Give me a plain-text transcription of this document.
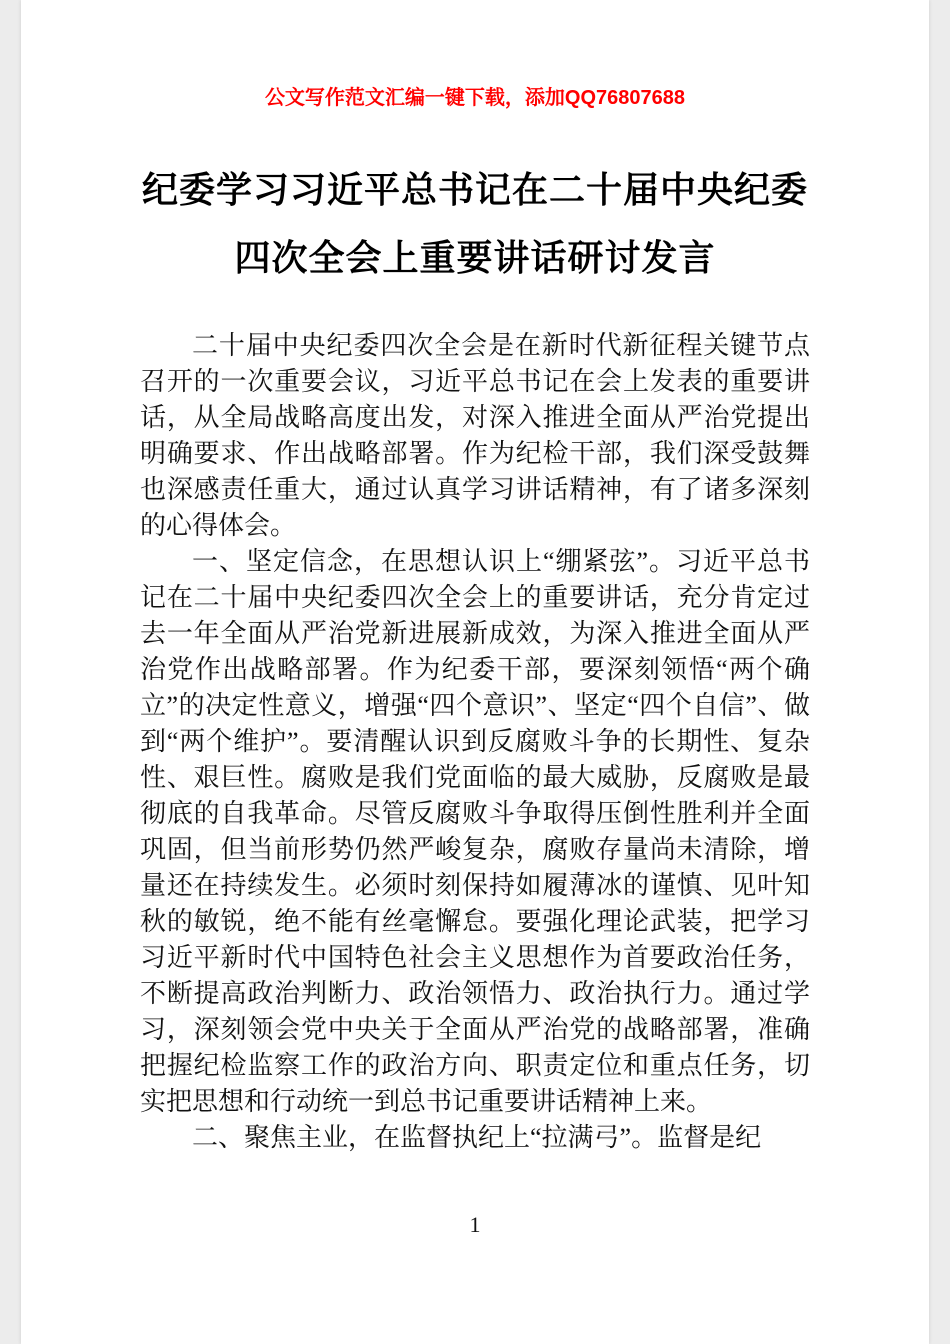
公文写作范文汇编一键下载，添加QQ76807688
纪委学习习近平总书记在二十届中央纪委
四次全会上重要讲话研讨发言

二十届中央纪委四次全会是在新时代新征程关键节点召开的一次重要会议，习近平总书记在会上发表的重要讲话，从全局战略高度出发，对深入推进全面从严治党提出明确要求、作出战略部署。作为纪检干部，我们深受鼓舞也深感责任重大，通过认真学习讲话精神，有了诸多深刻的心得体会。

一、坚定信念，在思想认识上“绷紧弦”。习近平总书记在二十届中央纪委四次全会上的重要讲话，充分肯定过去一年全面从严治党新进展新成效，为深入推进全面从严治党作出战略部署。作为纪委干部，要深刻领悟“两个确立”的决定性意义，增强“四个意识”、坚定“四个自信”、做到“两个维护”。要清醒认识到反腐败斗争的长期性、复杂性、艰巨性。腐败是我们党面临的最大威胁，反腐败是最彻底的自我革命。尽管反腐败斗争取得压倒性胜利并全面巩固，但当前形势仍然严峻复杂，腐败存量尚未清除，增量还在持续发生。必须时刻保持如履薄冰的谨慎、见叶知秋的敏锐，绝不能有丝毫懈怠。要强化理论武装，把学习习近平新时代中国特色社会主义思想作为首要政治任务，不断提高政治判断力、政治领悟力、政治执行力。通过学习，深刻领会党中央关于全面从严治党的战略部署，准确把握纪检监察工作的政治方向、职责定位和重点任务，切实把思想和行动统一到总书记重要讲话精神上来。

二、聚焦主业，在监督执纪上“拉满弓”。监督是纪

1
